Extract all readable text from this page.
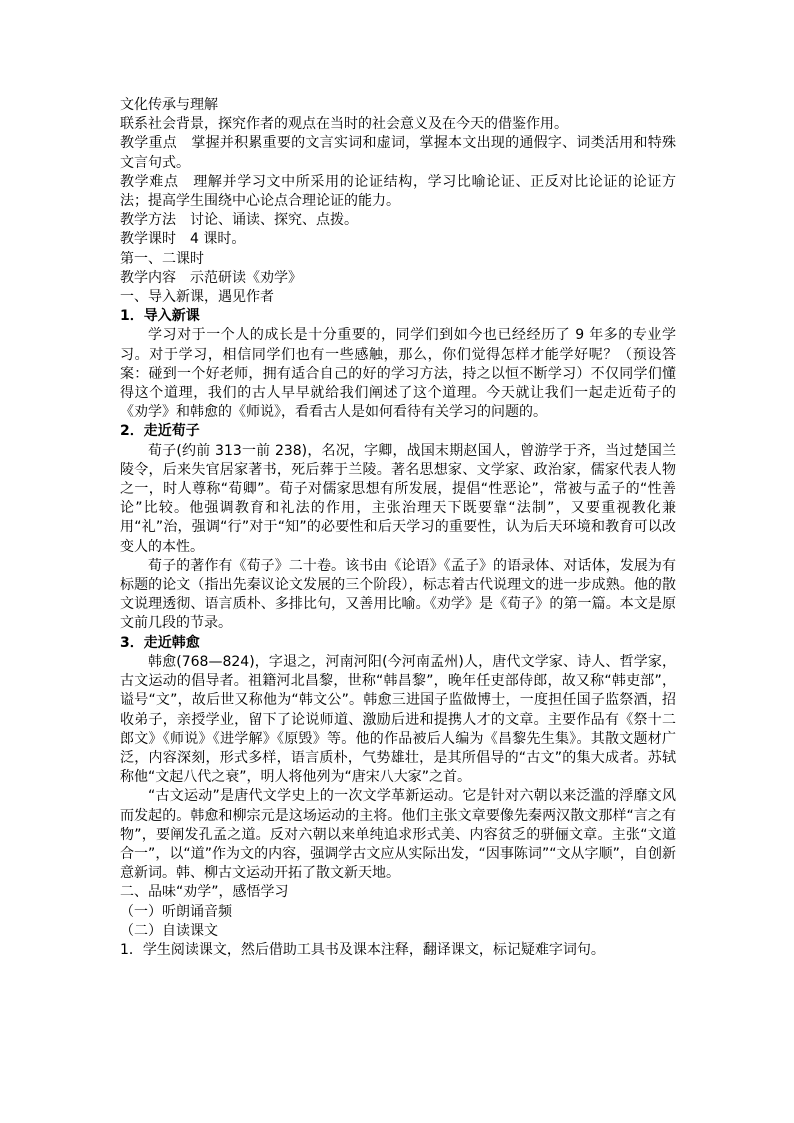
文化传承与理解

联系社会背景，探究作者的观点在当时的社会意义及在今天的借鉴作用。

教学重点　掌握并积累重要的文言实词和虚词，掌握本文出现的通假字、词类活用和特殊文言句式。

教学难点　理解并学习文中所采用的论证结构，学习比喻论证、正反对比论证的论证方法；提高学生围绕中心论点合理论证的能力。

教学方法　讨论、诵读、探究、点拨。

教学课时　4 课时。

第一、二课时

教学内容　示范研读《劝学》

一、导入新课，遇见作者

1．导入新课

学习对于一个人的成长是十分重要的，同学们到如今也已经经历了 9 年多的专业学习。对于学习，相信同学们也有一些感触，那么，你们觉得怎样才能学好呢？（预设答案：碰到一个好老师，拥有适合自己的好的学习方法，持之以恒不断学习）不仅同学们懂得这个道理，我们的古人早早就给我们阐述了这个道理。今天就让我们一起走近荀子的《劝学》和韩愈的《师说》，看看古人是如何看待有关学习的问题的。

2．走近荀子

荀子(约前 313一前 238)，名况，字卿，战国末期赵国人，曾游学于齐，当过楚国兰陵令，后来失官居家著书，死后葬于兰陵。著名思想家、文学家、政治家，儒家代表人物之一，时人尊称“荀卿”。荀子对儒家思想有所发展，提倡“性恶论”，常被与孟子的“性善论”比较。他强调教育和礼法的作用，主张治理天下既要靠“法制”，又要重视教化兼用“礼”治，强调“行”对于“知”的必要性和后天学习的重要性，认为后天环境和教育可以改变人的本性。

荀子的著作有《荀子》二十卷。该书由《论语》《孟子》的语录体、对话体，发展为有标题的论文（指出先秦议论文发展的三个阶段），标志着古代说理文的进一步成熟。他的散文说理透彻、语言质朴、多排比句，又善用比喻。《劝学》是《荀子》的第一篇。本文是原文前几段的节录。

3．走近韩愈

韩愈(768—824)，字退之，河南河阳(今河南孟州)人，唐代文学家、诗人、哲学家，古文运动的倡导者。祖籍河北昌黎，世称“韩昌黎”，晚年任吏部侍郎，故又称“韩吏部”，谥号“文”，故后世又称他为“韩文公”。韩愈三进国子监做博士，一度担任国子监祭酒，招收弟子，亲授学业，留下了论说师道、激励后进和提携人才的文章。主要作品有《祭十二郎文》《师说》《进学解》《原毁》等。他的作品被后人编为《昌黎先生集》。其散文题材广泛，内容深刻，形式多样，语言质朴，气势雄壮，是其所倡导的“古文”的集大成者。苏轼称他“文起八代之衰”，明人将他列为“唐宋八大家”之首。

“古文运动”是唐代文学史上的一次文学革新运动。它是针对六朝以来泛滥的浮靡文风而发起的。韩愈和柳宗元是这场运动的主将。他们主张文章要像先秦两汉散文那样“言之有物”，要阐发孔孟之道。反对六朝以来单纯追求形式美、内容贫乏的骈俪文章。主张“文道合一”，以“道”作为文的内容，强调学古文应从实际出发，“因事陈词”“文从字顺”，自创新意新词。韩、柳古文运动开拓了散文新天地。

二、品味“劝学”，感悟学习

（一）听朗诵音频

（二）自读课文

1．学生阅读课文，然后借助工具书及课本注释，翻译课文，标记疑难字词句。
